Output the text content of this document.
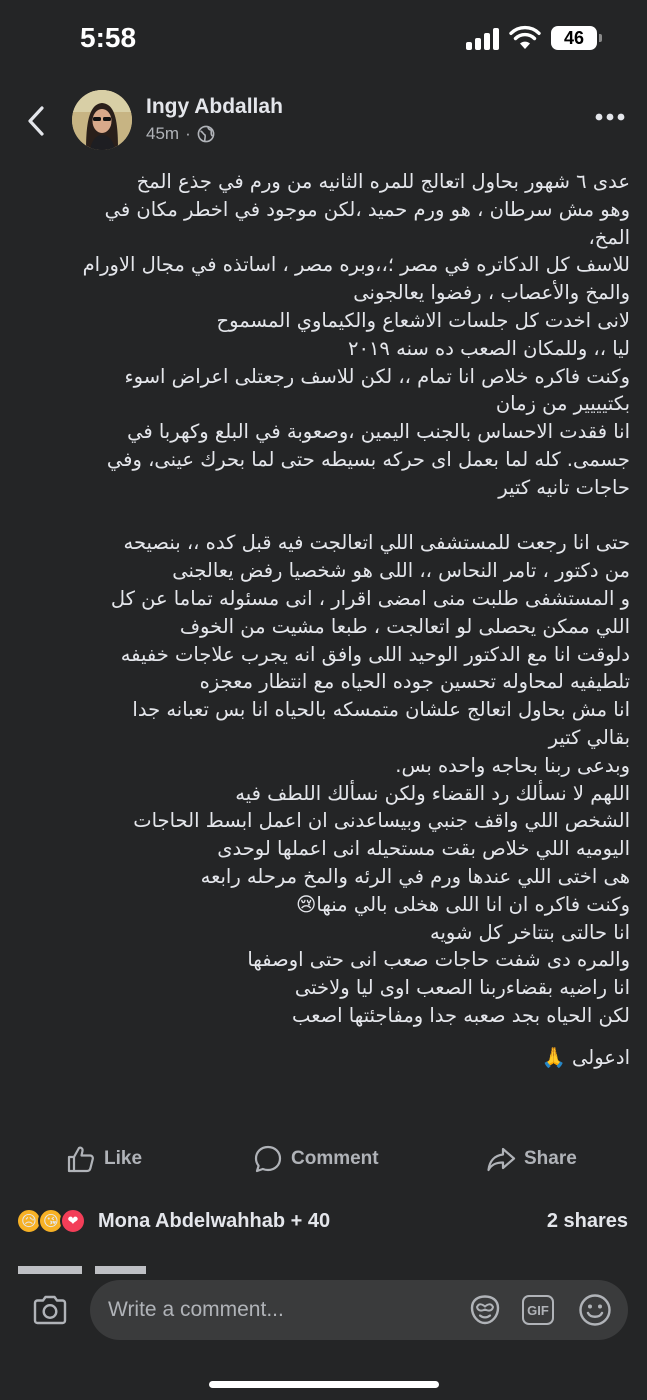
5:58	46
Ingy Abdallah
45m ·
عدى ٦ شهور بحاول اتعالج للمره الثانيه من ورم في جذع المخ
وهو مش سرطان ، هو ورم حميد ،لكن موجود في اخطر مكان في
المخ،
للاسف كل الدكاتره في مصر ؛،،وبره مصر ، اساتذه في مجال الاورام
والمخ والأعصاب ، رفضوا يعالجونى
لانى اخدت كل جلسات الاشعاع والكيماوي المسموح
ليا ،، وللمكان الصعب ده سنه ٢٠١٩
وكنت فاكره خلاص انا تمام ،، لكن للاسف رجعتلى اعراض اسوء
بكتيييير من زمان
انا فقدت الاحساس بالجنب اليمين ،وصعوبة في البلع وكهربا في
جسمى. كله لما بعمل اى حركه بسيطه حتى لما بحرك عينى، وفي
حاجات تانيه كتير
حتى انا رجعت للمستشفى اللي اتعالجت فيه قبل كده ،، بنصيحه
من دكتور ، تامر النحاس ،، اللى هو شخصيا رفض يعالجنى
و المستشفى طلبت منى امضى اقرار ، انى مسئوله تماما عن كل
اللي ممكن يحصلى لو اتعالجت ، طبعا مشيت من الخوف
دلوقت انا مع الدكتور الوحيد اللى وافق انه يجرب علاجات خفيفه
تلطيفيه لمحاوله تحسين جوده الحياه مع انتظار معجزه
انا مش بحاول اتعالج علشان متمسكه بالحياه انا بس تعبانه جدا
بقالي كتير
وبدعى ربنا بحاجه واحده بس.
اللهم لا نسألك رد القضاء ولكن نسألك اللطف فيه
الشخص اللي واقف جنبي وبيساعدنى ان اعمل ابسط الحاجات
اليوميه اللي خلاص بقت مستحيله انى اعملها لوحدى
هى اختى اللي عندها ورم في الرئه والمخ مرحله رابعه
وكنت فاكره ان انا اللى هخلى بالي منها😢
انا حالتى بتتاخر كل شويه
والمره دى شفت حاجات صعب انى حتى اوصفها
انا راضيه بقضاءربنا الصعب اوى ليا ولاختى
لكن الحياه بجد صعبه جدا ومفاجئتها اصعب
ادعولى 🙏
Like	Comment	Share
😥 😘 ❤ Mona Abdelwahhab + 40	2 shares
Write a comment...	GIF
